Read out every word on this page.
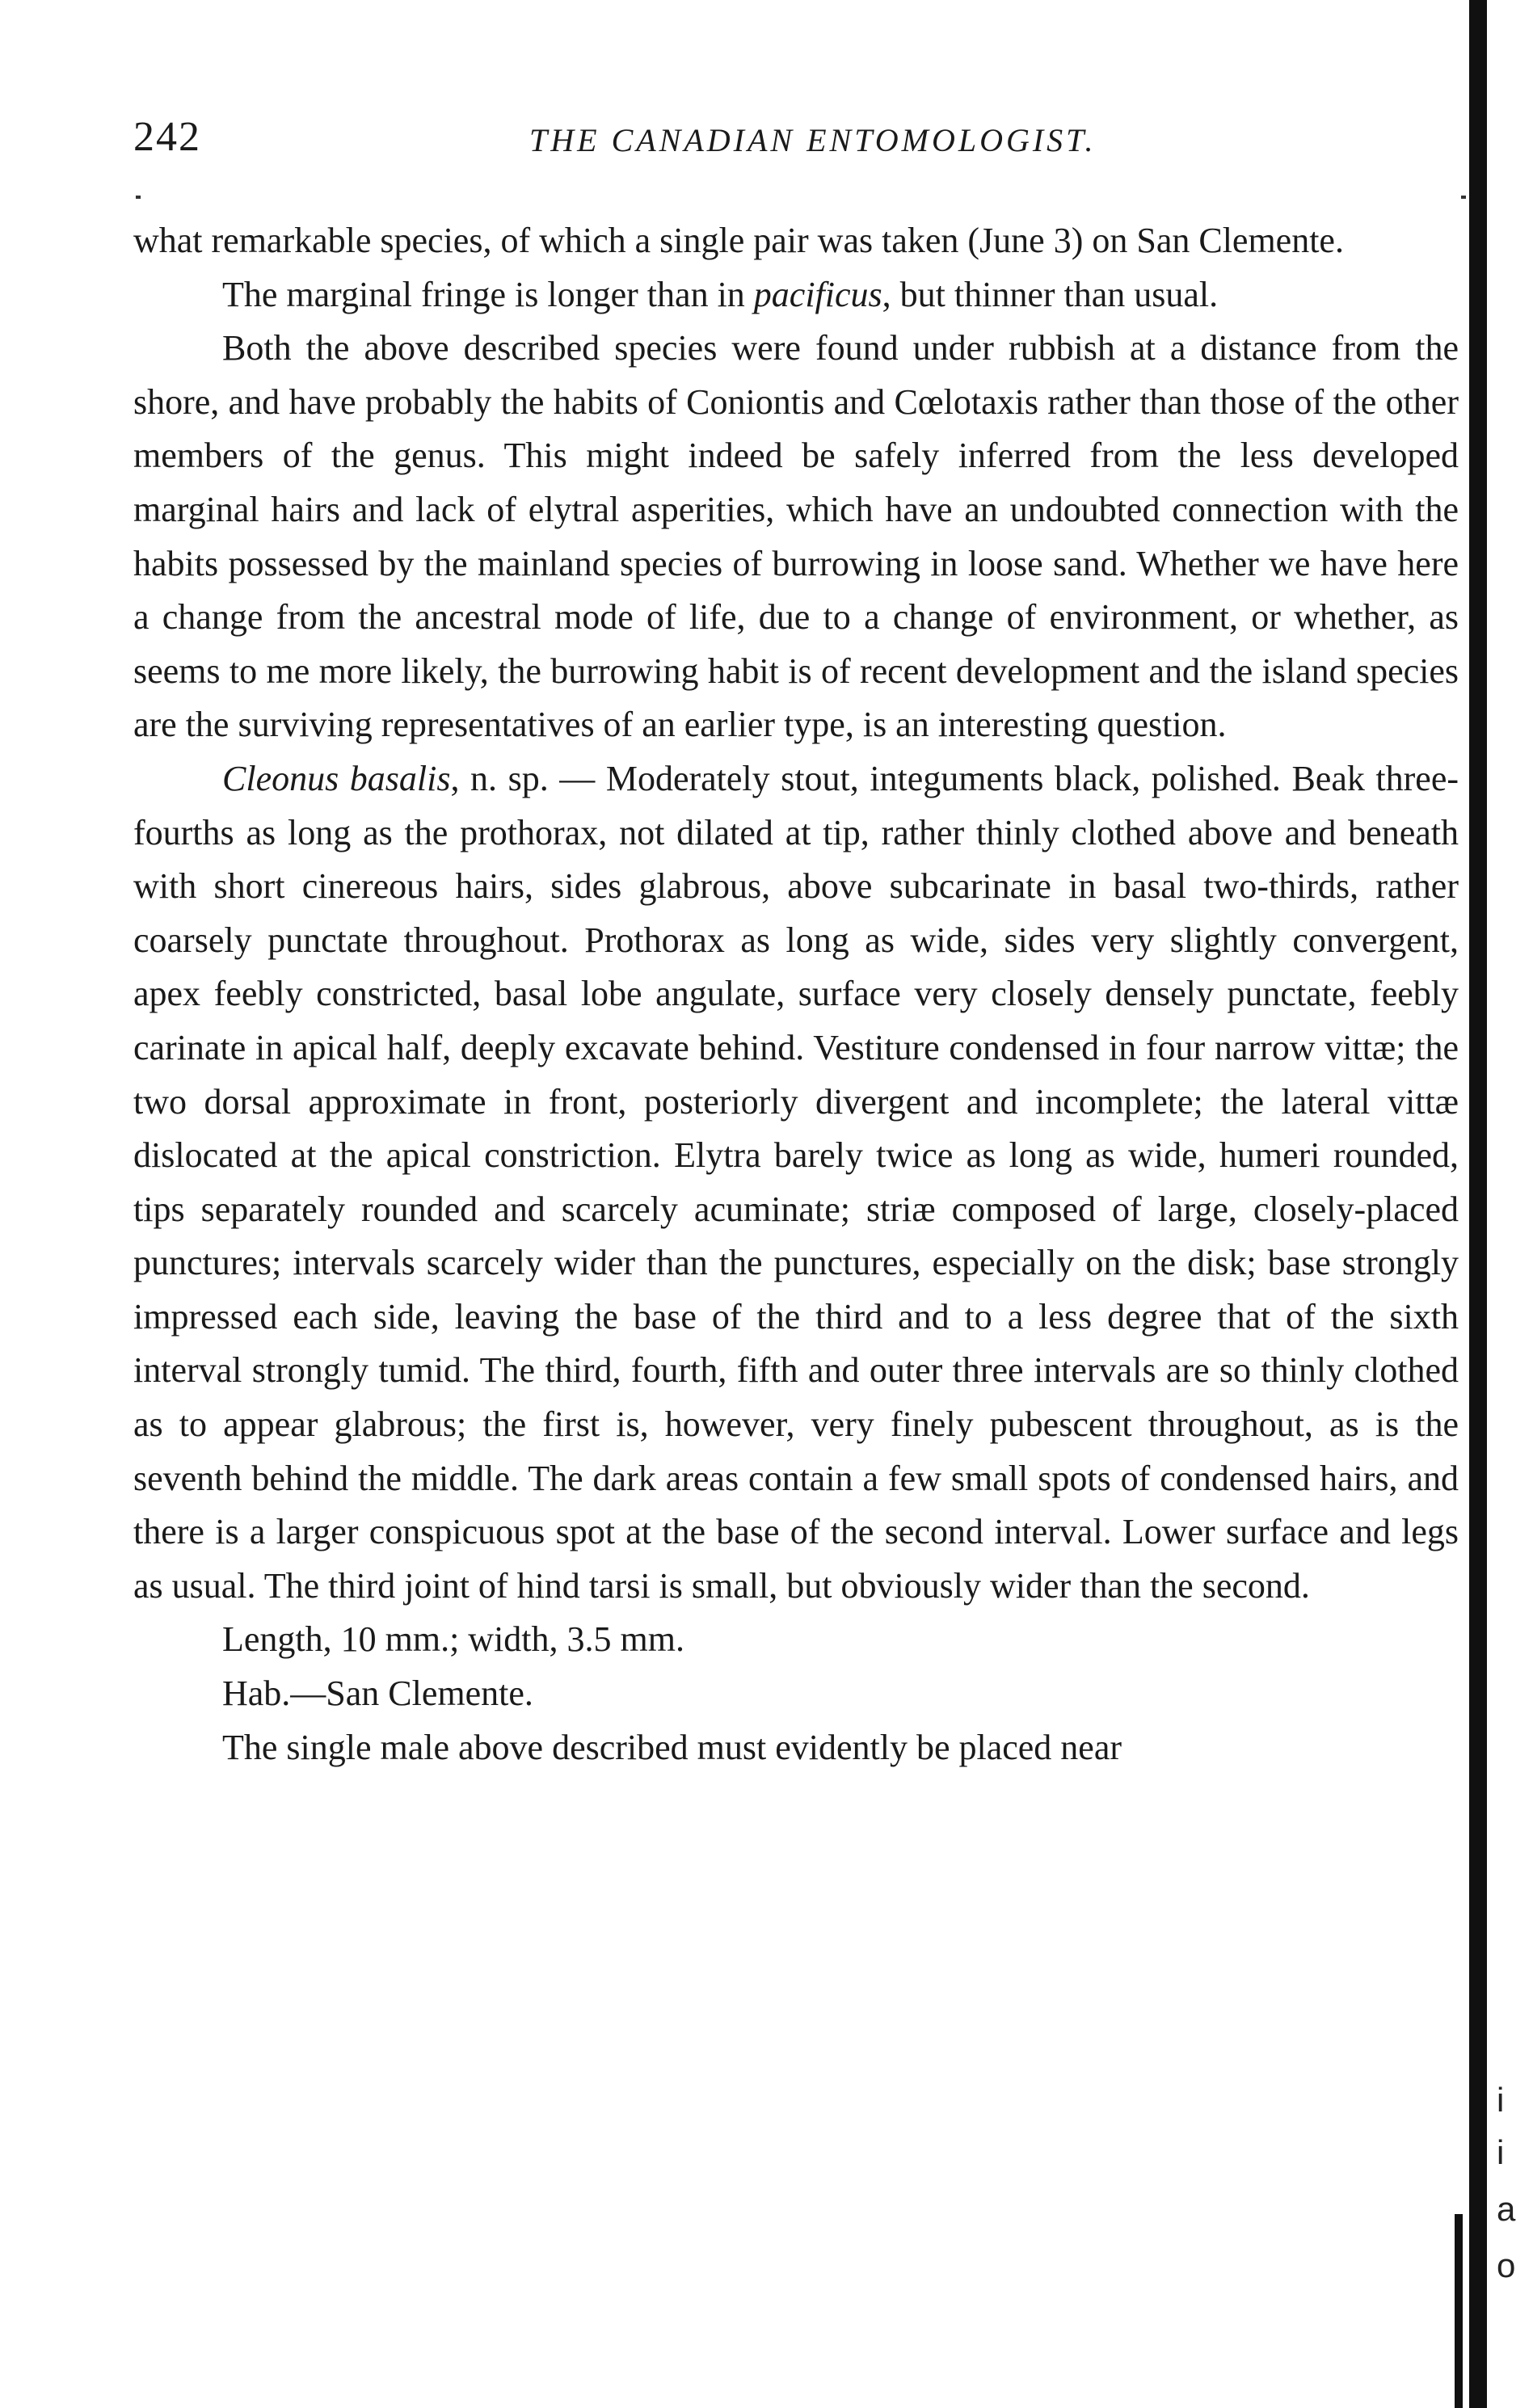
242	THE CANADIAN ENTOMOLOGIST.

what remarkable species, of which a single pair was taken (June 3) on San Clemente.

The marginal fringe is longer than in pacificus, but thinner than usual.

Both the above described species were found under rubbish at a distance from the shore, and have probably the habits of Coniontis and Cœlotaxis rather than those of the other members of the genus. This might indeed be safely inferred from the less developed marginal hairs and lack of elytral asperities, which have an undoubted connection with the habits possessed by the mainland species of burrowing in loose sand. Whether we have here a change from the ancestral mode of life, due to a change of environment, or whether, as seems to me more likely, the burrowing habit is of recent development and the island species are the surviving representatives of an earlier type, is an interesting question.

Cleonus basalis, n. sp. — Moderately stout, integuments black, polished. Beak three-fourths as long as the prothorax, not dilated at tip, rather thinly clothed above and beneath with short cinereous hairs, sides glabrous, above subcarinate in basal two-thirds, rather coarsely punctate throughout. Prothorax as long as wide, sides very slightly convergent, apex feebly constricted, basal lobe angulate, surface very closely densely punctate, feebly carinate in apical half, deeply excavate behind. Vestiture condensed in four narrow vittæ; the two dorsal approximate in front, posteriorly divergent and incomplete; the lateral vittæ dislocated at the apical constriction. Elytra barely twice as long as wide, humeri rounded, tips separately rounded and scarcely acuminate; striæ composed of large, closely-placed punctures; intervals scarcely wider than the punctures, especially on the disk; base strongly impressed each side, leaving the base of the third and to a less degree that of the sixth interval strongly tumid. The third, fourth, fifth and outer three intervals are so thinly clothed as to appear glabrous; the first is, however, very finely pubescent throughout, as is the seventh behind the middle. The dark areas contain a few small spots of condensed hairs, and there is a larger conspicuous spot at the base of the second interval. Lower surface and legs as usual. The third joint of hind tarsi is small, but obviously wider than the second.

Length, 10 mm.; width, 3.5 mm.

Hab.—San Clemente.

The single male above described must evidently be placed near

i
i
a
o
